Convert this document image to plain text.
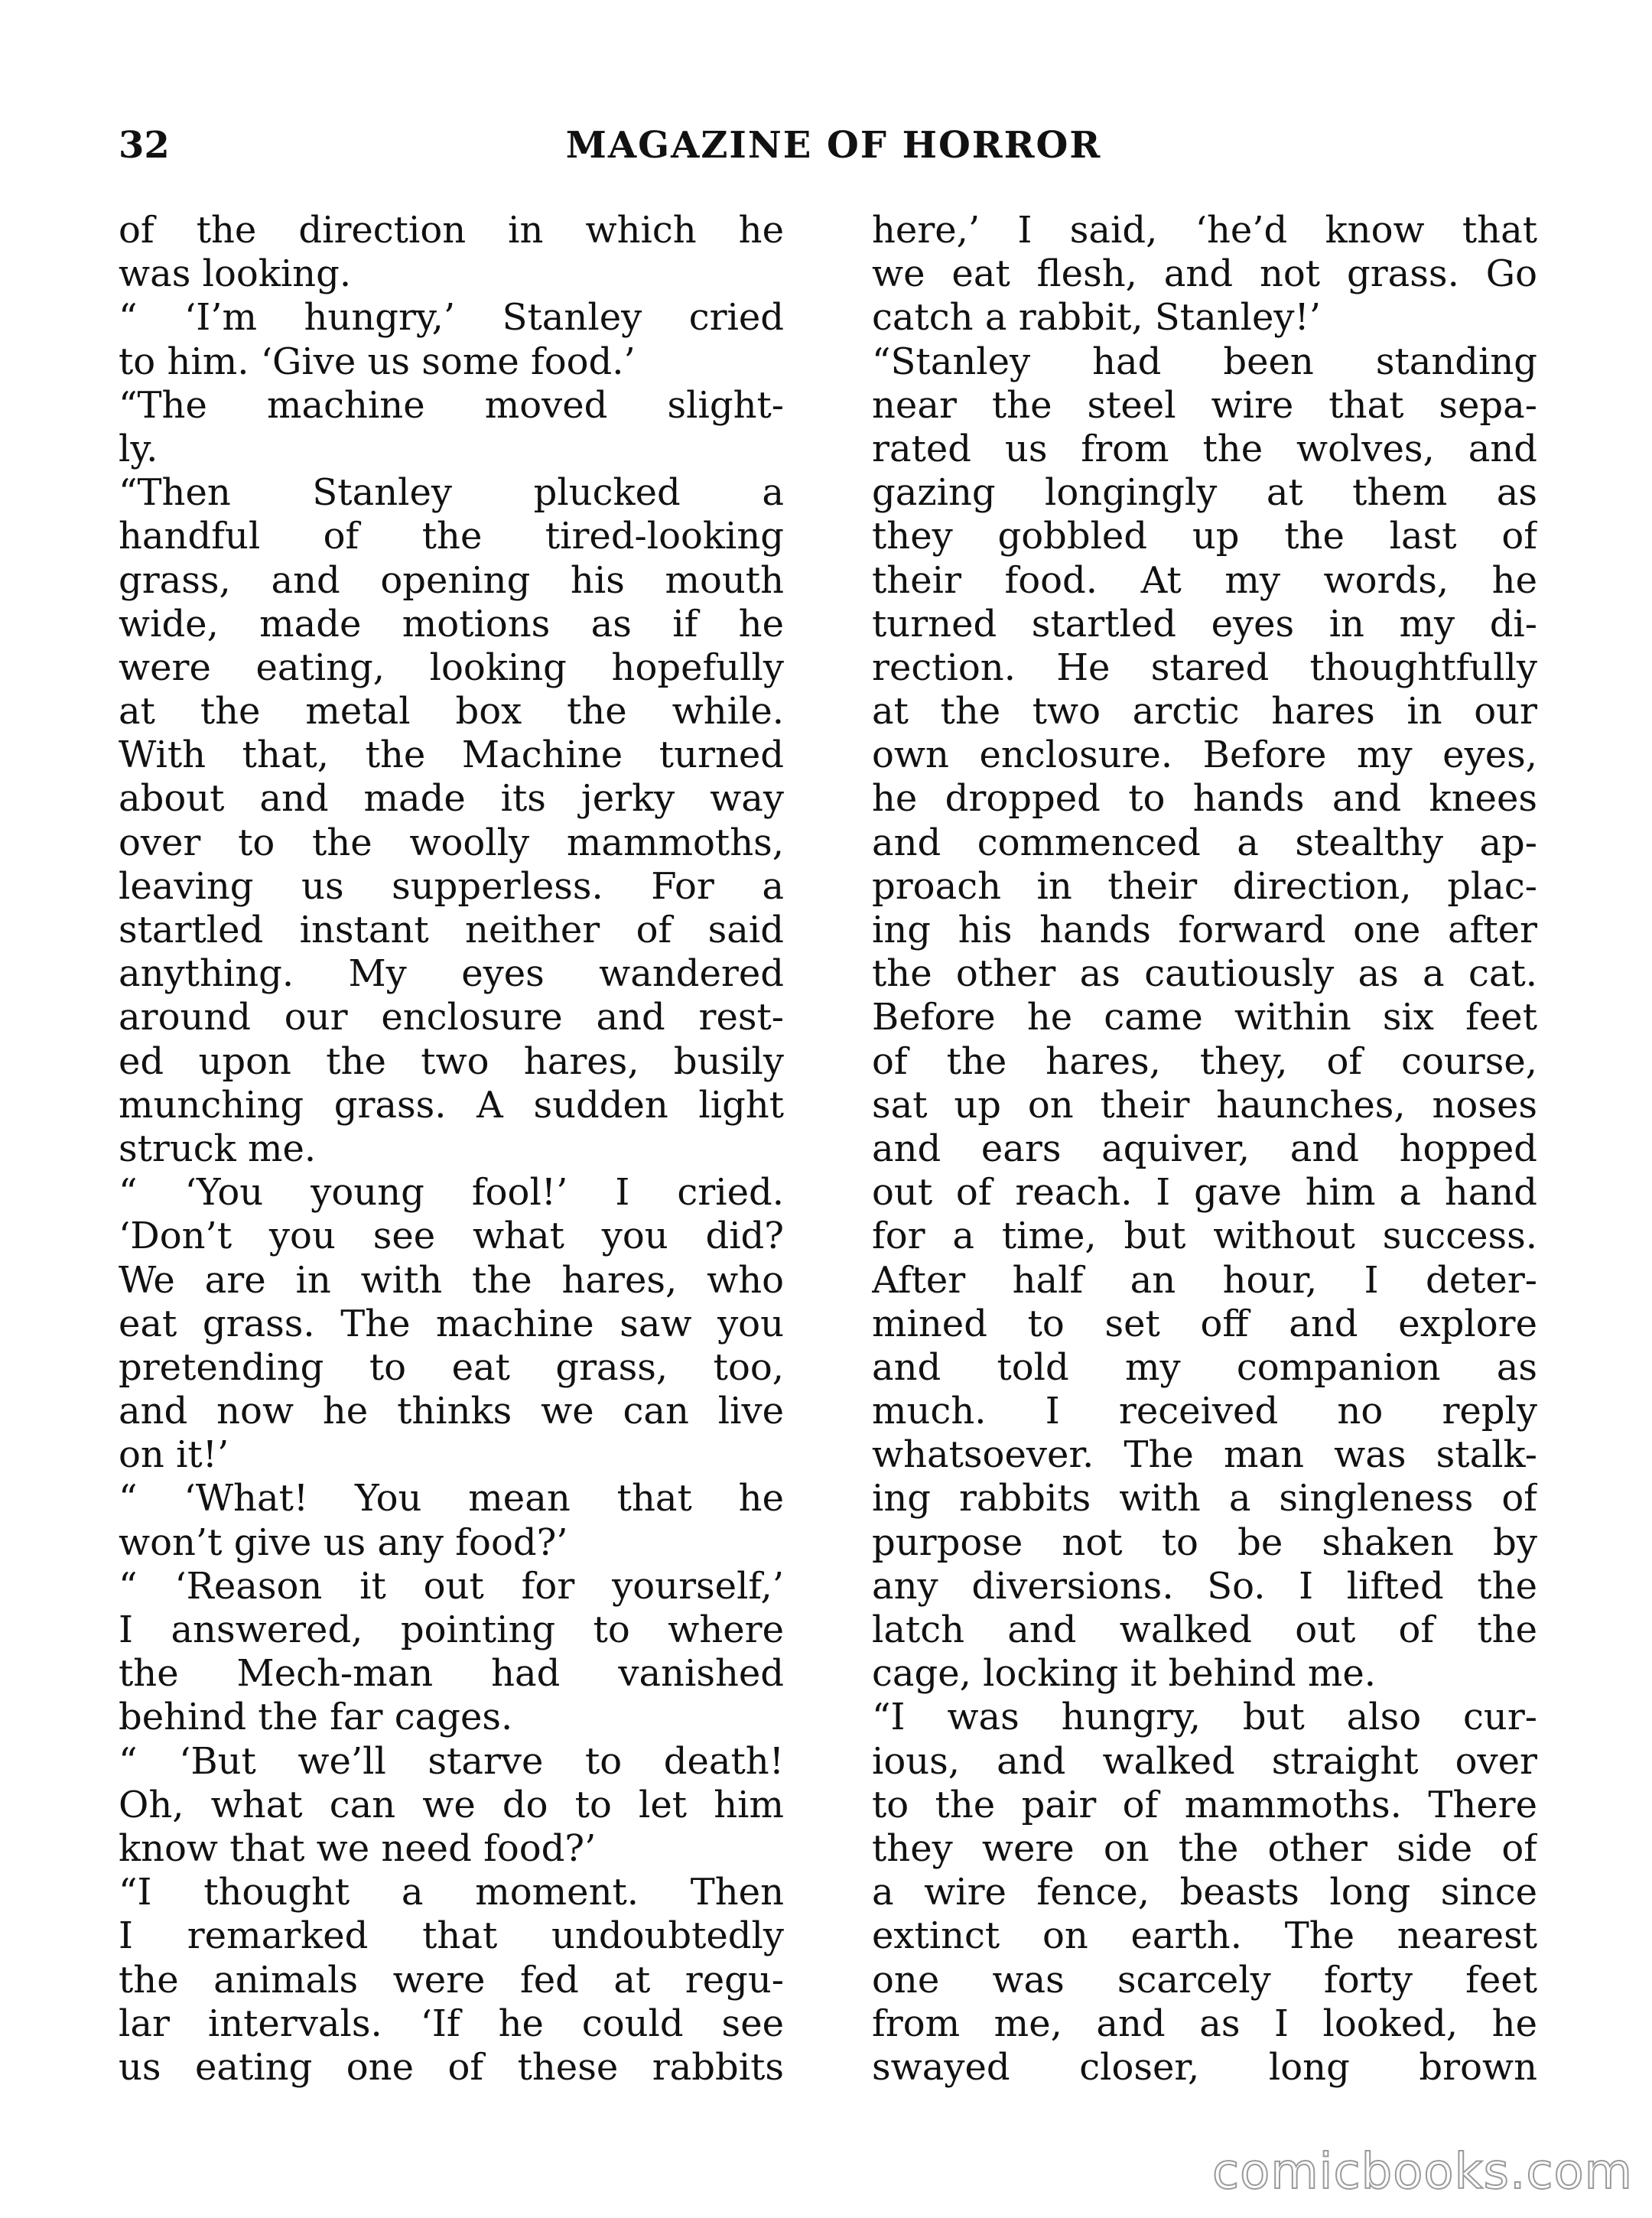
32	MAGAZINE OF HORROR
of the direction in which he
was looking.
“ ‘I’m hungry,’ Stanley cried
to him. ‘Give us some food.’
“The machine moved slight-
ly.
“Then Stanley plucked a
handful of the tired-looking
grass, and opening his mouth
wide, made motions as if he
were eating, looking hopefully
at the metal box the while.
With that, the Machine turned
about and made its jerky way
over to the woolly mammoths,
leaving us supperless. For a
startled instant neither of said
anything. My eyes wandered
around our enclosure and rest-
ed upon the two hares, busily
munching grass. A sudden light
struck me.
“ ‘You young fool!’ I cried.
‘Don’t you see what you did?
We are in with the hares, who
eat grass. The machine saw you
pretending to eat grass, too,
and now he thinks we can live
on it!’
“ ‘What! You mean that he
won’t give us any food?’
“ ‘Reason it out for yourself,’
I answered, pointing to where
the Mech-man had vanished
behind the far cages.
“ ‘But we’ll starve to death!
Oh, what can we do to let him
know that we need food?’
“I thought a moment. Then
I remarked that undoubtedly
the animals were fed at regu-
lar intervals. ‘If he could see
us eating one of these rabbits
here,’ I said, ‘he’d know that
we eat flesh, and not grass. Go
catch a rabbit, Stanley!’
“Stanley had been standing
near the steel wire that sepa-
rated us from the wolves, and
gazing longingly at them as
they gobbled up the last of
their food. At my words, he
turned startled eyes in my di-
rection. He stared thoughtfully
at the two arctic hares in our
own enclosure. Before my eyes,
he dropped to hands and knees
and commenced a stealthy ap-
proach in their direction, plac-
ing his hands forward one after
the other as cautiously as a cat.
Before he came within six feet
of the hares, they, of course,
sat up on their haunches, noses
and ears aquiver, and hopped
out of reach. I gave him a hand
for a time, but without success.
After half an hour, I deter-
mined to set off and explore
and told my companion as
much. I received no reply
whatsoever. The man was stalk-
ing rabbits with a singleness of
purpose not to be shaken by
any diversions. So. I lifted the
latch and walked out of the
cage, locking it behind me.
“I was hungry, but also cur-
ious, and walked straight over
to the pair of mammoths. There
they were on the other side of
a wire fence, beasts long since
extinct on earth. The nearest
one was scarcely forty feet
from me, and as I looked, he
swayed closer, long brown
comicbooks.com
